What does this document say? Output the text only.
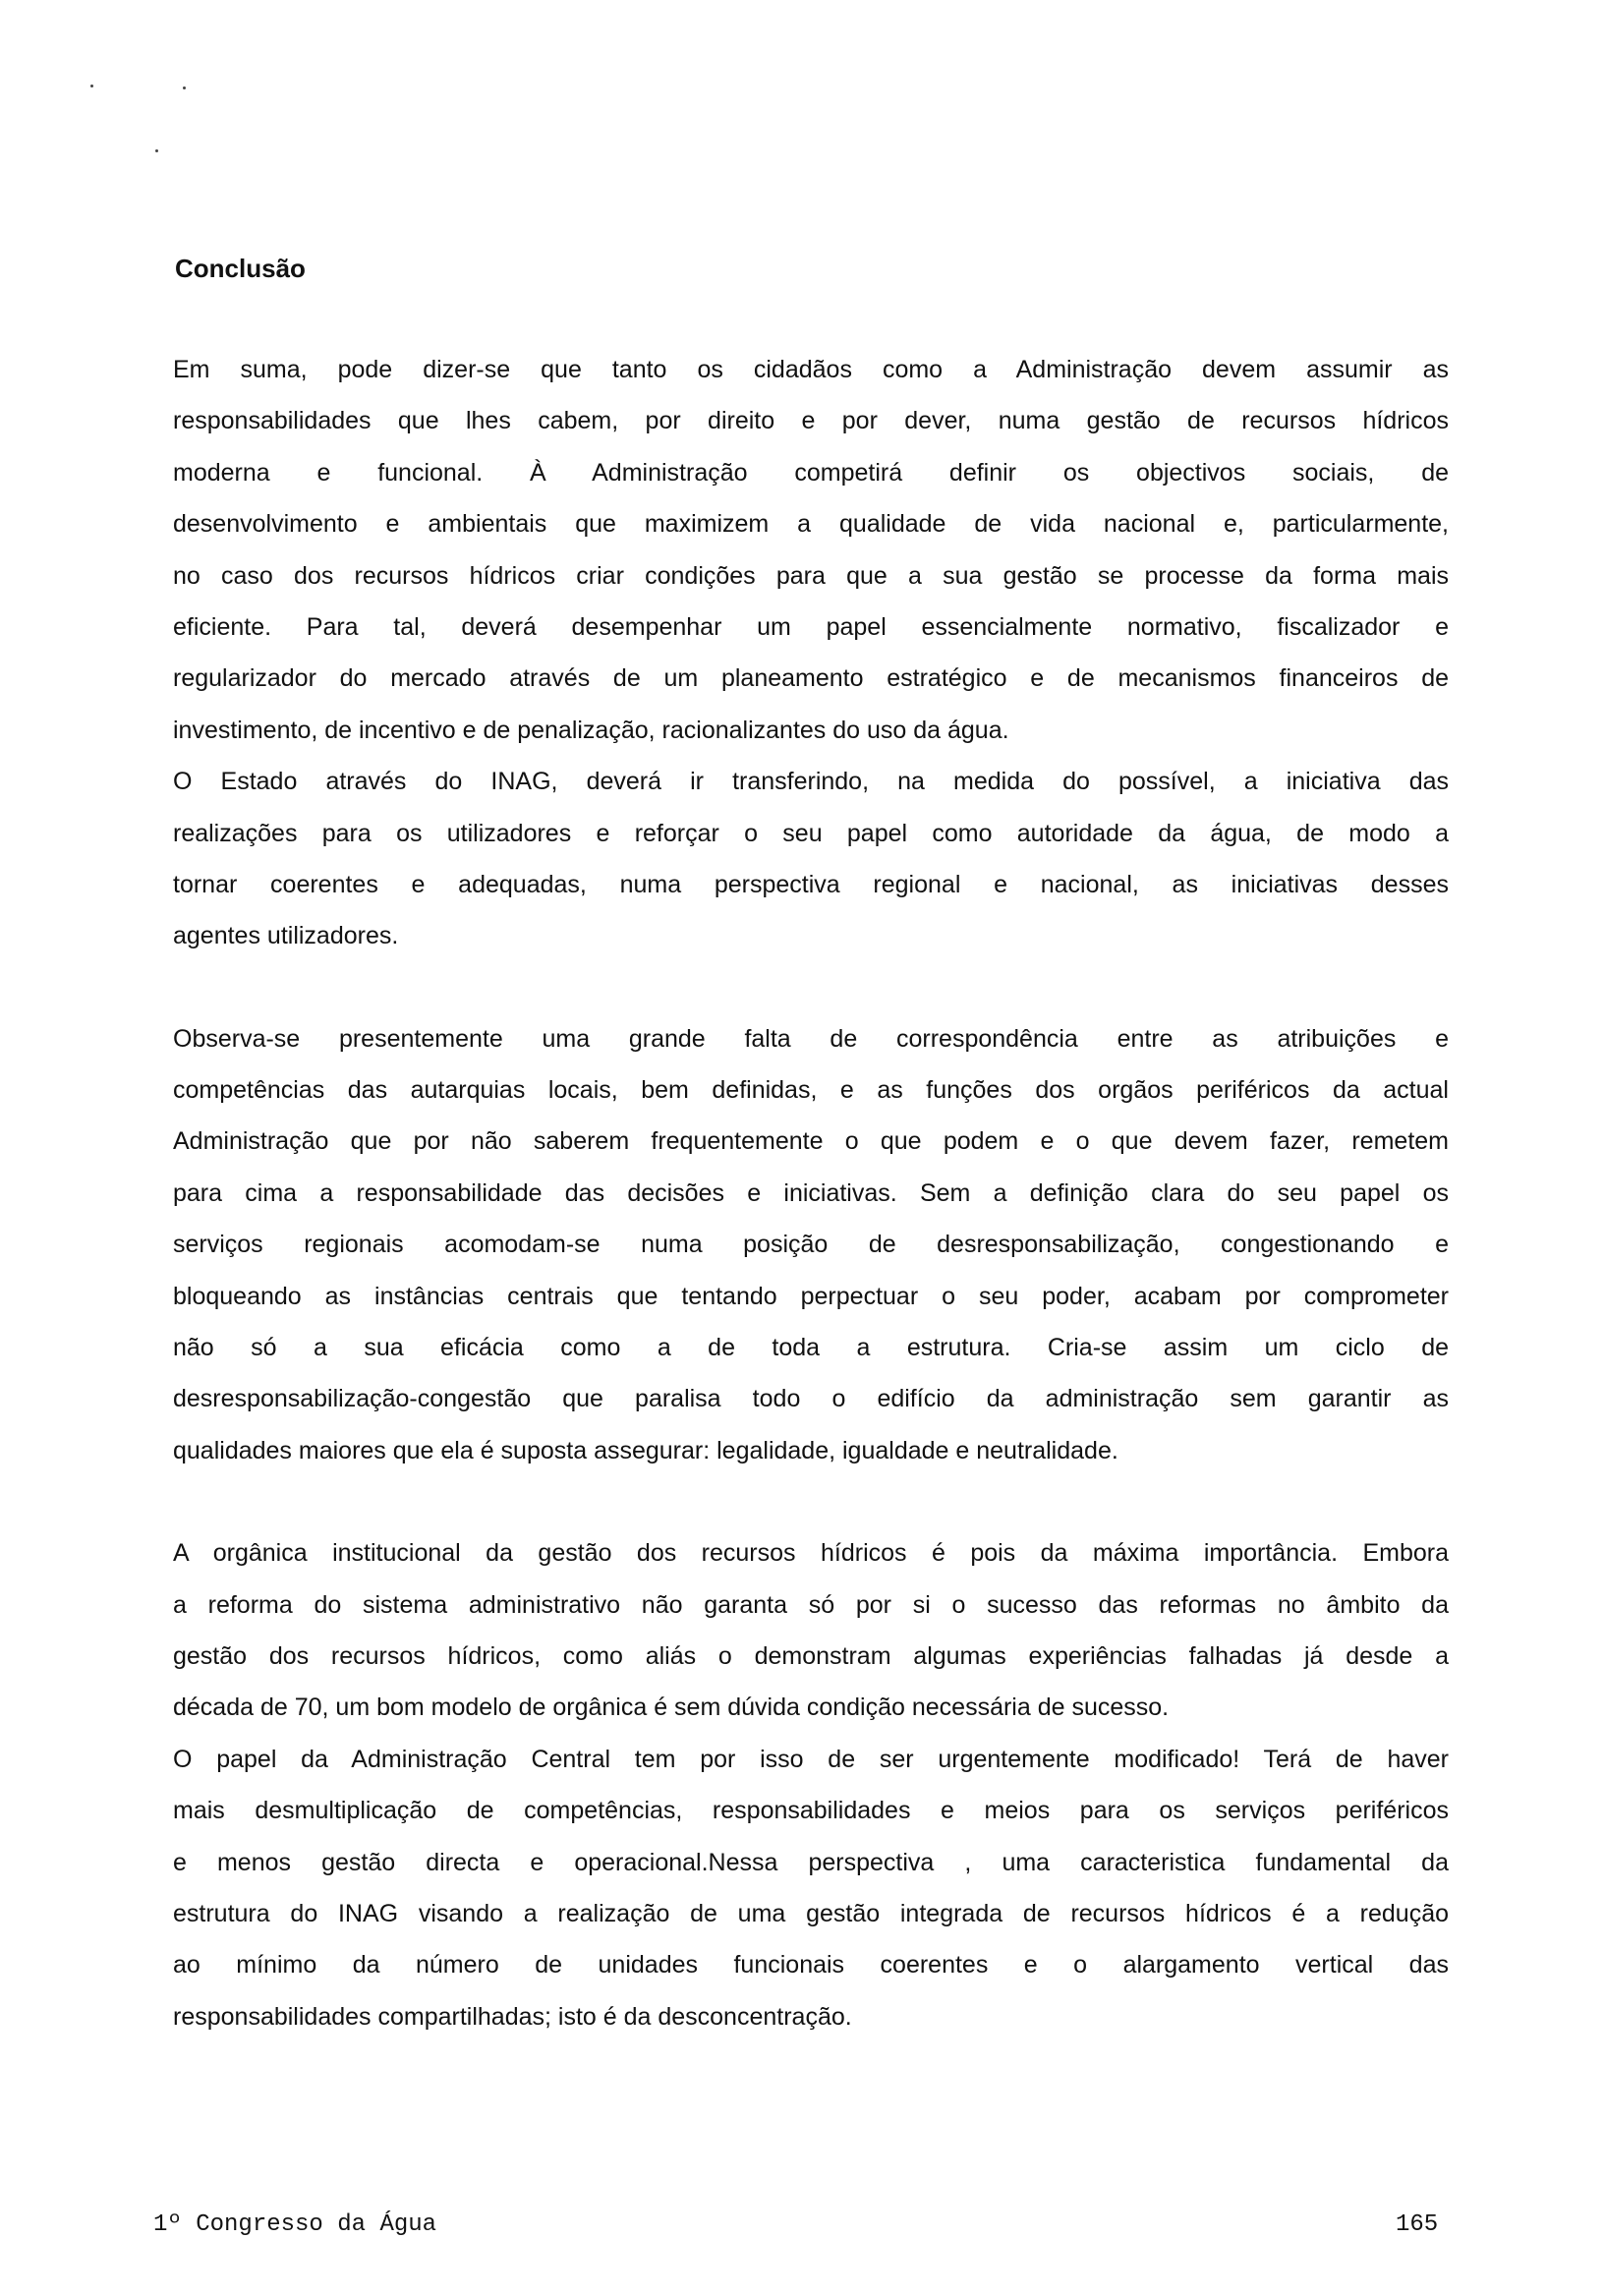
Conclusão
Em suma, pode dizer-se que tanto os cidadãos como a Administração devem assumir as
responsabilidades que lhes cabem, por direito e por dever, numa gestão de recursos hídricos
moderna e funcional. À Administração competirá definir os objectivos sociais, de
desenvolvimento e ambientais que maximizem a qualidade de vida nacional e, particularmente,
no caso dos recursos hídricos criar condições para que a sua gestão se processe da forma mais
eficiente. Para tal, deverá desempenhar um papel essencialmente normativo, fiscalizador e
regularizador do mercado através de um planeamento estratégico e de mecanismos financeiros de
investimento, de incentivo e de penalização, racionalizantes do uso da água.
O Estado através do INAG, deverá ir transferindo, na medida do possível, a iniciativa das
realizações para os utilizadores e reforçar o seu papel como autoridade da água, de modo a
tornar coerentes e adequadas, numa perspectiva regional e nacional, as iniciativas desses
agentes utilizadores.
Observa-se presentemente uma grande falta de correspondência entre as atribuições e
competências das autarquias locais, bem definidas, e as funções dos orgãos periféricos da actual
Administração que por não saberem frequentemente o que podem e o que devem fazer, remetem
para cima a responsabilidade das decisões e iniciativas. Sem a definição clara do seu papel os
serviços regionais acomodam-se numa posição de desresponsabilização, congestionando e
bloqueando as instâncias centrais que tentando perpectuar o seu poder, acabam por comprometer
não só a sua eficácia como a de toda a estrutura. Cria-se assim um ciclo de
desresponsabilização-congestão que paralisa todo o edifício da administração sem garantir as
qualidades maiores que ela é suposta assegurar: legalidade, igualdade e neutralidade.
A orgânica institucional da gestão dos recursos hídricos é pois da máxima importância. Embora
a reforma do sistema administrativo não garanta só por si o sucesso das reformas no âmbito da
gestão dos recursos hídricos, como aliás o demonstram algumas experiências falhadas já desde a
década de 70, um bom modelo de orgânica é sem dúvida condição necessária de sucesso.
O papel da Administração Central tem por isso de ser urgentemente modificado! Terá de haver
mais desmultiplicação de competências, responsabilidades e meios para os serviços periféricos
e menos gestão directa e operacional.Nessa perspectiva , uma caracteristica fundamental da
estrutura do INAG visando a realização de uma gestão integrada de recursos hídricos é a redução
ao mínimo da número de unidades funcionais coerentes e o alargamento vertical das
responsabilidades compartilhadas; isto é da desconcentração.
1º Congresso da Água	165
